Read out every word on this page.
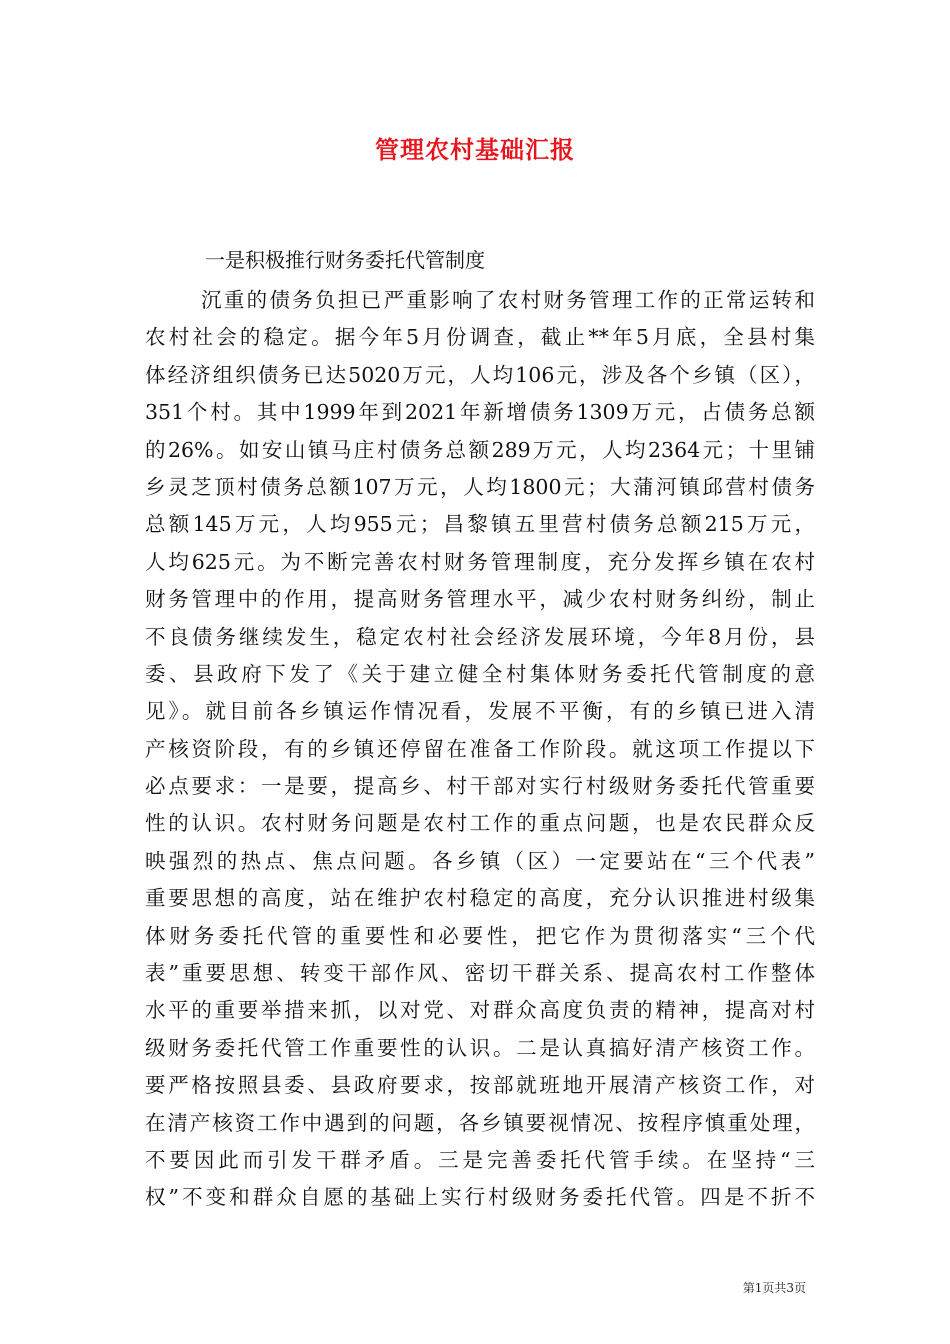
管理农村基础汇报

一是积极推行财务委托代管制度

沉重的债务负担已严重影响了农村财务管理工作的正常运转和
农村社会的稳定。据今年5月份调查，截止**年5月底，全县村集
体经济组织债务已达5020万元，人均106元，涉及各个乡镇（区），
351个村。其中1999年到2021年新增债务1309万元，占债务总额
的26%。如安山镇马庄村债务总额289万元，人均2364元；十里铺
乡灵芝顶村债务总额107万元，人均1800元；大蒲河镇邱营村债务
总额145万元，人均955元；昌黎镇五里营村债务总额215万元，
人均625元。为不断完善农村财务管理制度，充分发挥乡镇在农村
财务管理中的作用，提高财务管理水平，减少农村财务纠纷，制止
不良债务继续发生，稳定农村社会经济发展环境，今年8月份，县
委、县政府下发了《关于建立健全村集体财务委托代管制度的意
见》。就目前各乡镇运作情况看，发展不平衡，有的乡镇已进入清
产核资阶段，有的乡镇还停留在准备工作阶段。就这项工作提以下
必点要求：一是要，提高乡、村干部对实行村级财务委托代管重要
性的认识。农村财务问题是农村工作的重点问题，也是农民群众反
映强烈的热点、焦点问题。各乡镇（区）一定要站在“三个代表”
重要思想的高度，站在维护农村稳定的高度，充分认识推进村级集
体财务委托代管的重要性和必要性，把它作为贯彻落实“三个代
表”重要思想、转变干部作风、密切干群关系、提高农村工作整体
水平的重要举措来抓，以对党、对群众高度负责的精神，提高对村
级财务委托代管工作重要性的认识。二是认真搞好清产核资工作。
要严格按照县委、县政府要求，按部就班地开展清产核资工作，对
在清产核资工作中遇到的问题，各乡镇要视情况、按程序慎重处理，
不要因此而引发干群矛盾。三是完善委托代管手续。在坚持“三
权”不变和群众自愿的基础上实行村级财务委托代管。四是不折不
第1页共3页
